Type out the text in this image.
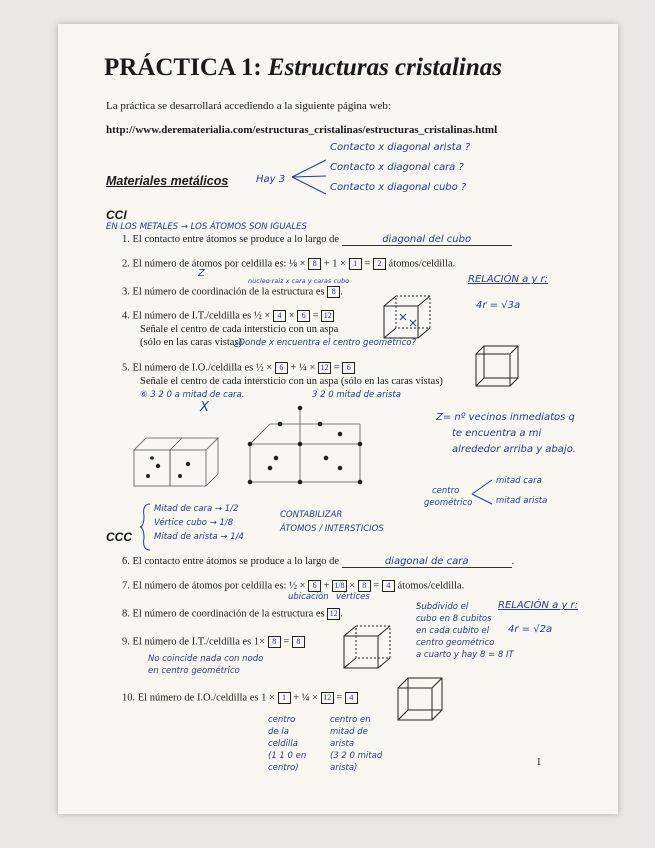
PRÁCTICA 1: Estructuras cristalinas
La práctica se desarrollará accediendo a la siguiente página web:
http://www.derematerialia.com/estructuras_cristalinas/estructuras_cristalinas.html
Materiales metálicos	Hay 3
Contacto x diagonal arista ?
Contacto x diagonal cara ?
Contacto x diagonal cubo ?
CCI
EN LOS METALES → LOS ÁTOMOS SON IGUALES
1. El contacto entre átomos se produce a lo largo de	diagonal del cubo
2. El número de átomos por celdilla es: ⅛ × 8 + 1 × 1 = 2 átomos/celdilla.
Z
3. El número de coordinación de la estructura es 8 .
nucleo·raiz x cara y caras cubo	RELACIÓN a y r:
4r = √3a
4. El número de I.T./celdilla es ½ × 4 × 6 = 12
Señale el centro de cada intersticio con un aspa
(sólo en las caras vistas)
¿Donde x encuentra el centro geométrico?
5. El número de I.O./celdilla es ½ × 6 + ¼ × 12 = 6
Señale el centro de cada intersticio con un aspa (sólo en las caras vistas)
⑥ 3 2 0 a mitad de cara.	3 2 0 mitad de arista
X
Z= nº vecinos inmediatos q
te encuentra a mi
alrededor arriba y abajo.
centro
geométrico
mitad cara
mitad arista
CCC
Mitad de cara → 1/2
Vértice cubo → 1/8
Mitad de arista → 1/4
CONTABILIZAR
ÁTOMOS / INTERSTICIOS
6. El contacto entre átomos se produce a lo largo de	diagonal de cara	.
7. El número de átomos por celdilla es: ½ × 6 + 1/8 × 8 = 4 átomos/celdilla.
ubicación vértices
8. El número de coordinación de la estructura es 12 .
Subdivido el
cubo en 8 cubitos
en cada cubito el
centro geométrico
a cuarto y hay 8 = 8 IT
RELACIÓN a y r:
4r = √2a
9. El número de I.T./celdilla es 1× 8 = 8
No coincide nada con nodo
en centro geométrico
10. El número de I.O./celdilla es 1 × 1 + ¼ × 12 = 4
centro
de la
celdilla
(1 1 0 en
centro)
centro en
mitad de
arista
(3 2 0 mitad
arista)	1
